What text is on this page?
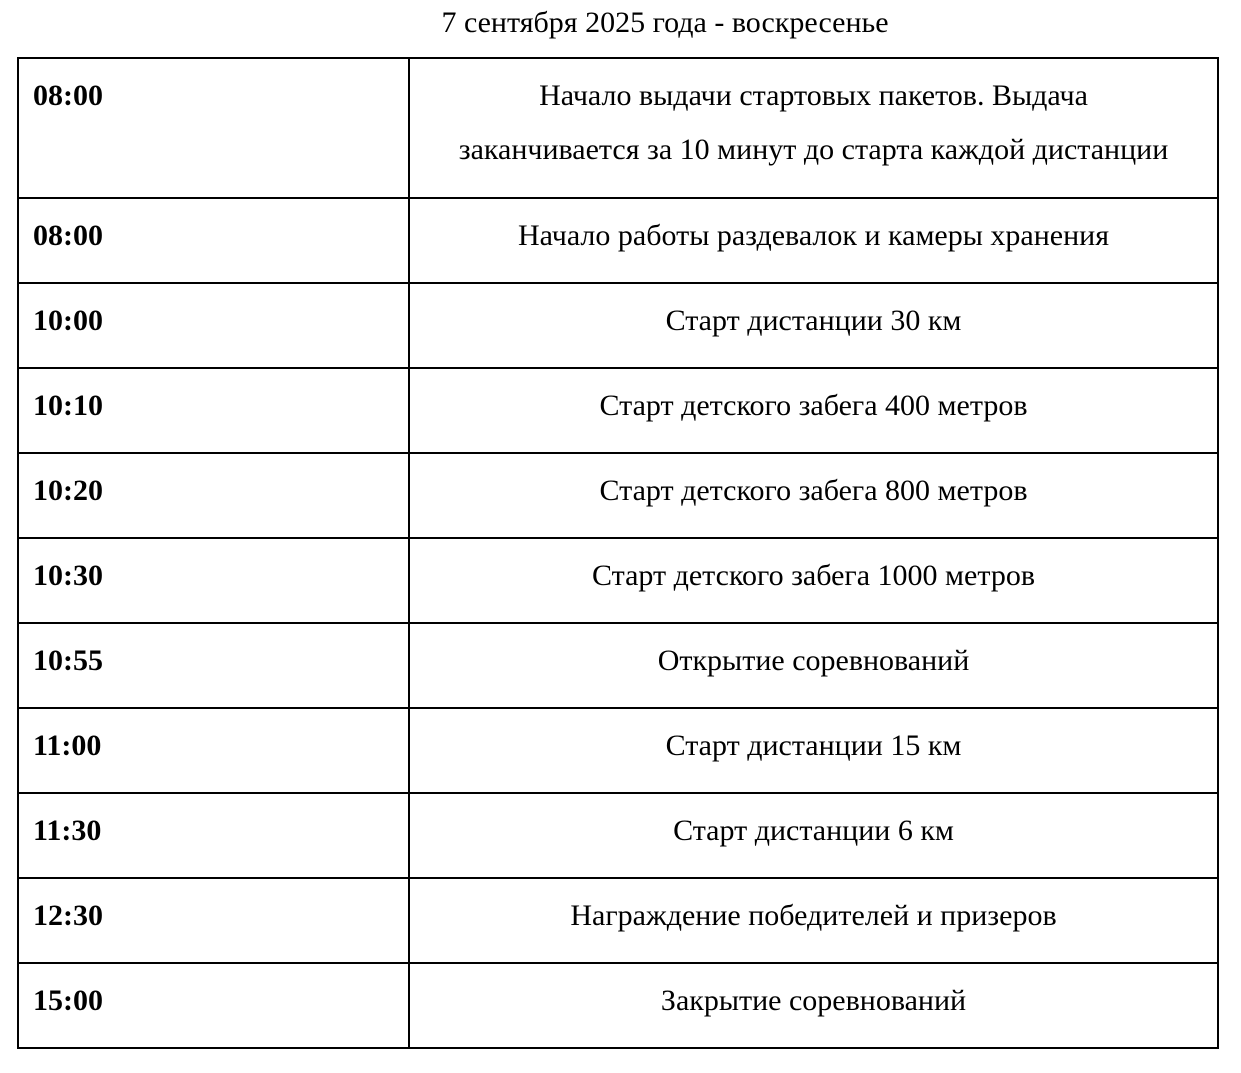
7 сентября 2025 года - воскресенье
08:00	Начало выдачи стартовых пакетов. Выдача
заканчивается за 10 минут до старта каждой дистанции
08:00	Начало работы раздевалок и камеры хранения
10:00	Старт дистанции 30 км
10:10	Старт детского забега 400 метров
10:20	Старт детского забега 800 метров
10:30	Старт детского забега 1000 метров
10:55	Открытие соревнований
11:00	Старт дистанции 15 км
11:30	Старт дистанции 6 км
12:30	Награждение победителей и призеров
15:00	Закрытие соревнований
